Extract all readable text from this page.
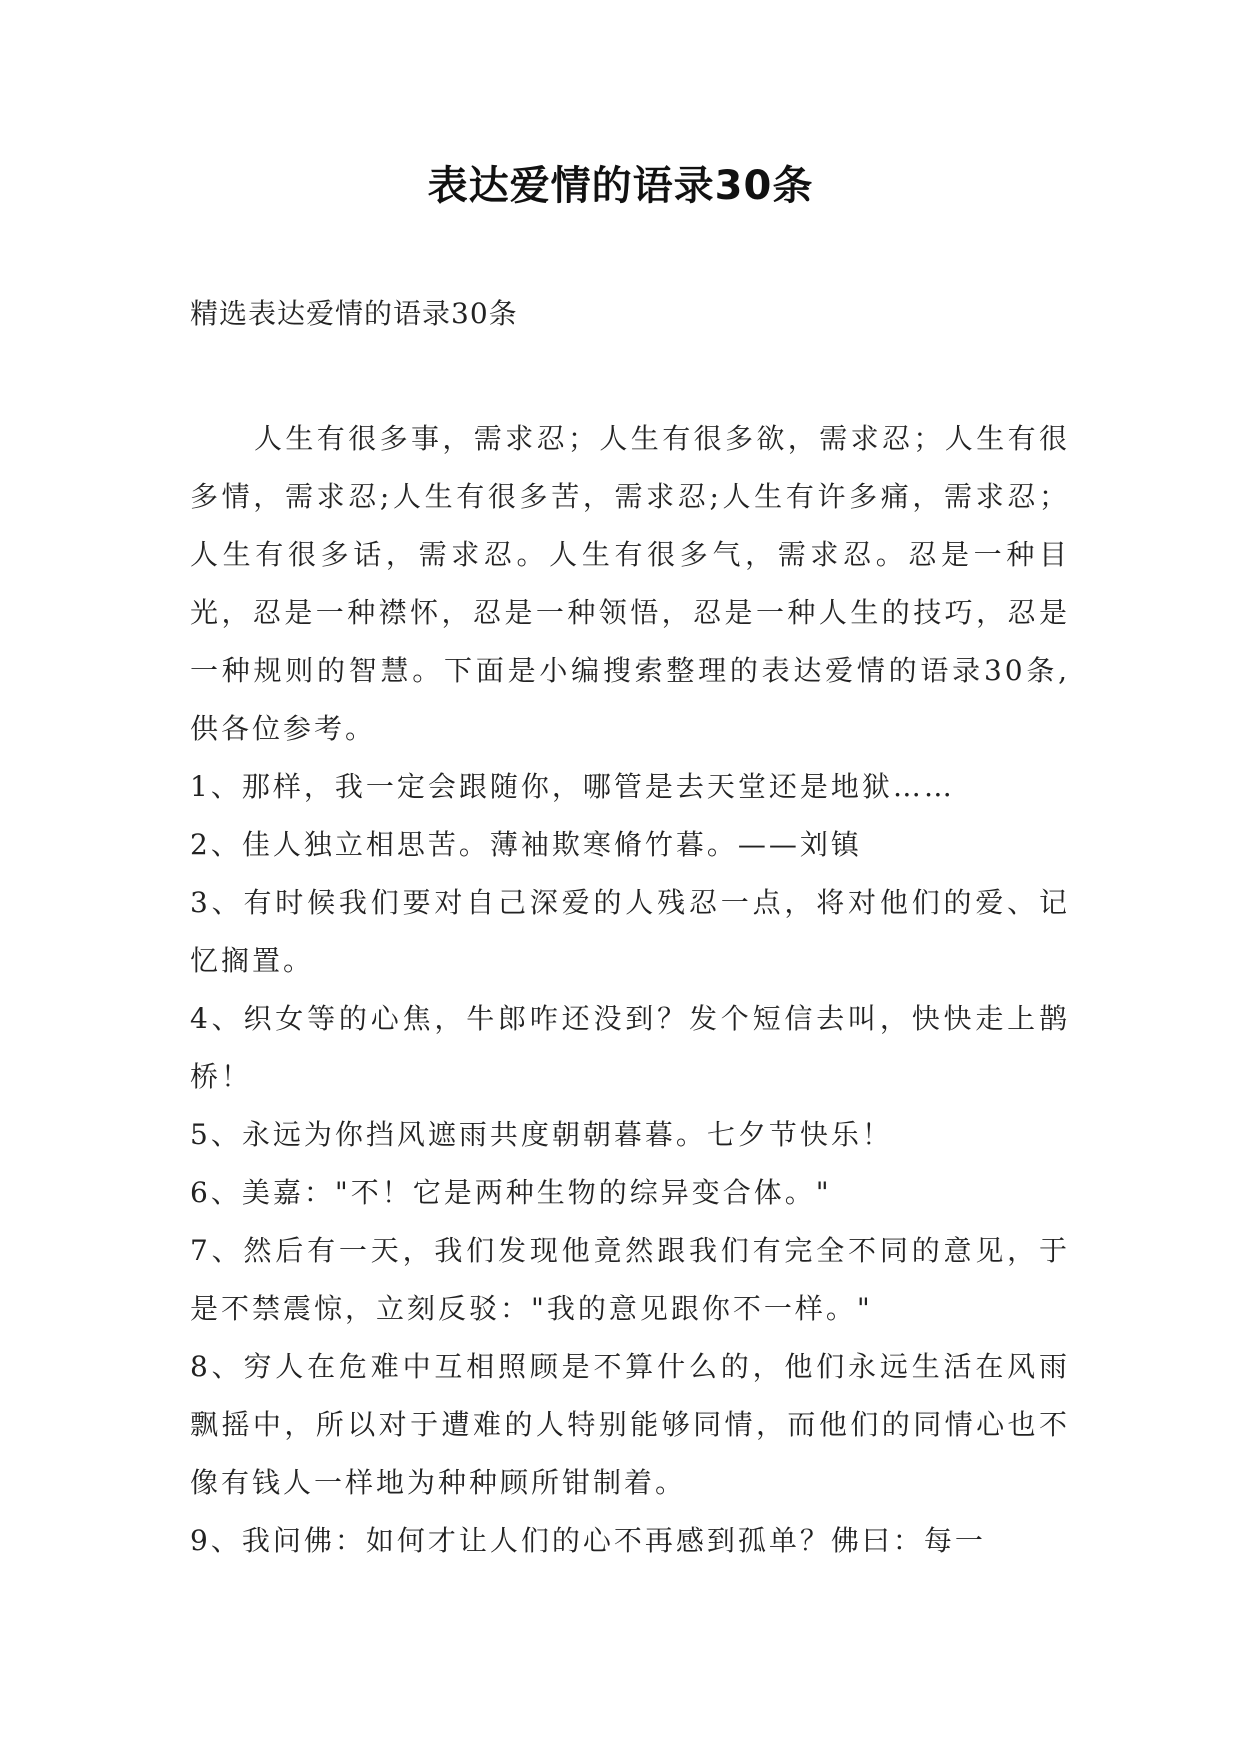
表达爱情的语录30条

精选表达爱情的语录30条

人生有很多事，需求忍；人生有很多欲，需求忍；人生有很多情，需求忍;人生有很多苦，需求忍;人生有许多痛，需求忍；人生有很多话，需求忍。人生有很多气，需求忍。忍是一种目光，忍是一种襟怀，忍是一种领悟，忍是一种人生的技巧，忍是一种规则的智慧。下面是小编搜索整理的表达爱情的语录30条,供各位参考。

1、那样，我一定会跟随你，哪管是去天堂还是地狱……

2、佳人独立相思苦。薄袖欺寒脩竹暮。——刘镇

3、有时候我们要对自己深爱的人残忍一点，将对他们的爱、记忆搁置。

4、织女等的心焦，牛郎咋还没到？发个短信去叫，快快走上鹊桥！

5、永远为你挡风遮雨共度朝朝暮暮。七夕节快乐！

6、美嘉："不！它是两种生物的综异变合体。"

7、然后有一天，我们发现他竟然跟我们有完全不同的意见，于是不禁震惊，立刻反驳："我的意见跟你不一样。"

8、穷人在危难中互相照顾是不算什么的，他们永远生活在风雨飘摇中，所以对于遭难的人特别能够同情，而他们的同情心也不像有钱人一样地为种种顾所钳制着。

9、我问佛：如何才让人们的心不再感到孤单？佛曰：每一
